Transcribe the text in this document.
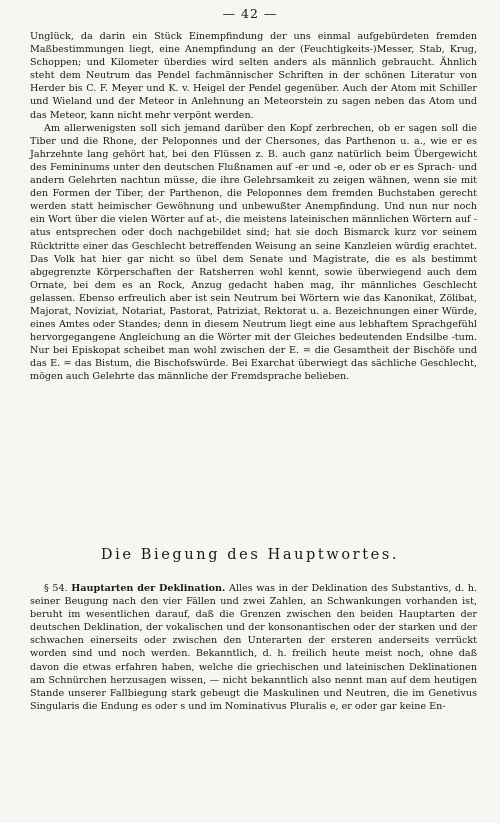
— 42 —

Unglück, da darin ein Stück Einempfindung der uns einmal aufgebürdeten fremden Maßbestimmungen liegt, eine Anempfindung an der (Feuchtigkeits-)Messer, Stab, Krug, Schoppen; und Kilometer überdies wird selten anders als männlich gebraucht. Ähnlich steht dem Neutrum das Pendel fachmännischer Schriften in der schönen Literatur von Herder bis C. F. Meyer und K. v. Heigel der Pendel gegenüber. Auch der Atom mit Schiller und Wieland und der Meteor in Anlehnung an Meteorstein zu sagen neben das Atom und das Meteor, kann nicht mehr verpönt werden.

Am allerwenigsten soll sich jemand darüber den Kopf zerbrechen, ob er sagen soll die Tiber und die Rhone, der Peloponnes und der Chersones, das Parthenon u. a., wie er es Jahrzehnte lang gehört hat, bei den Flüssen z. B. auch ganz natürlich beim Übergewicht des Femininums unter den deutschen Flußnamen auf -er und -e, oder ob er es Sprach- und andern Gelehrten nachtun müsse, die ihre Gelehrsamkeit zu zeigen wähnen, wenn sie mit den Formen der Tiber, der Parthenon, die Peloponnes dem fremden Buchstaben gerecht werden statt heimischer Gewöhnung und unbewußter Anempfindung. Und nun nur noch ein Wort über die vielen Wörter auf at-, die meistens lateinischen männlichen Wörtern auf -atus entsprechen oder doch nachgebildet sind; hat sie doch Bismarck kurz vor seinem Rücktritte einer das Geschlecht betreffenden Weisung an seine Kanzleien würdig erachtet. Das Volk hat hier gar nicht so übel dem Senate und Magistrate, die es als bestimmt abgegrenzte Körperschaften der Ratsherren wohl kennt, sowie überwiegend auch dem Ornate, bei dem es an Rock, Anzug gedacht haben mag, ihr männliches Geschlecht gelassen. Ebenso erfreulich aber ist sein Neutrum bei Wörtern wie das Kanonikat, Zölibat, Majorat, Noviziat, Notariat, Pastorat, Patriziat, Rektorat u. a. Bezeichnungen einer Würde, eines Amtes oder Standes; denn in diesem Neutrum liegt eine aus lebhaftem Sprachgefühl hervorgegangene Angleichung an die Wörter mit der Gleiches bedeutenden Endsilbe -tum. Nur bei Episkopat scheibet man wohl zwischen der E. = die Gesamtheit der Bischöfe und das E. = das Bistum, die Bischofswürde. Bei Exarchat überwiegt das sächliche Geschlecht, mögen auch Gelehrte das männliche der Fremdsprache belieben.

Die Biegung des Hauptwortes.

§ 54. Hauptarten der Deklination. Alles was in der Deklination des Substantivs, d. h. seiner Beugung nach den vier Fällen und zwei Zahlen, an Schwankungen vorhanden ist, beruht im wesentlichen darauf, daß die Grenzen zwischen den beiden Hauptarten der deutschen Deklination, der vokalischen und der konsonantischen oder der starken und der schwachen einerseits oder zwischen den Unterarten der ersteren anderseits verrückt worden sind und noch werden. Bekanntlich, d. h. freilich heute meist noch, ohne daß davon die etwas erfahren haben, welche die griechischen und lateinischen Deklinationen am Schnürchen herzusagen wissen, — nicht bekanntlich also nennt man auf dem heutigen Stande unserer Fallbiegung stark gebeugt die Maskulinen und Neutren, die im Genetivus Singularis die Endung es oder s und im Nominativus Pluralis e, er oder gar keine En-
